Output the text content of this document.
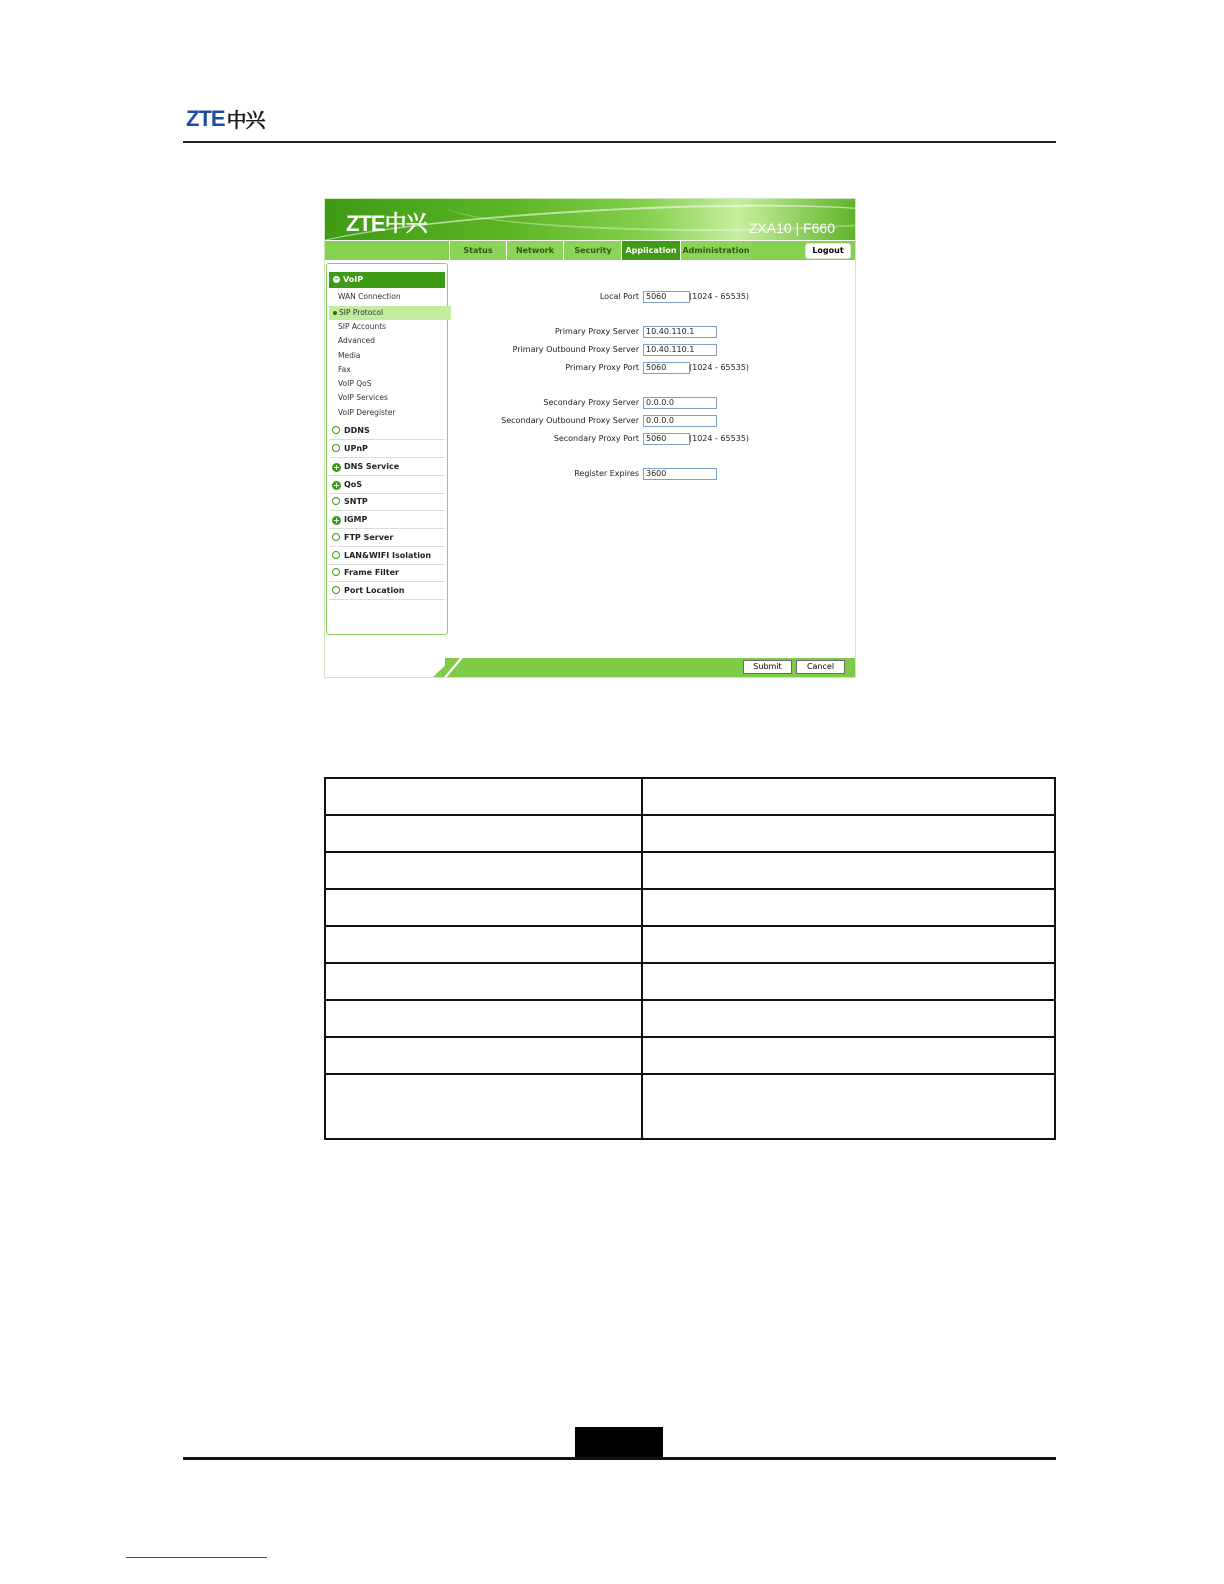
ZTE 中兴
ZTE中兴	ZXA10 | F660
Status	Network	Security	Application Administration	Logout
− VoIP
WAN Connection
SIP Protocol
SIP Accounts
Advanced
Media
Fax
VoIP QoS
VoIP Services
VoIP Deregister
DDNS
UPnP
+ DNS Service
+ QoS
SNTP
+ IGMP
FTP Server
LAN&WIFI Isolation
Frame Filter
Port Location
Local Port 5060	(1024 - 65535)
Primary Proxy Server 10.40.110.1
Primary Outbound Proxy Server 10.40.110.1
Primary Proxy Port 5060	(1024 - 65535)
Secondary Proxy Server 0.0.0.0
Secondary Outbound Proxy Server 0.0.0.0
Secondary Proxy Port 5060	(1024 - 65535)
Register Expires 3600
Submit	Cancel
